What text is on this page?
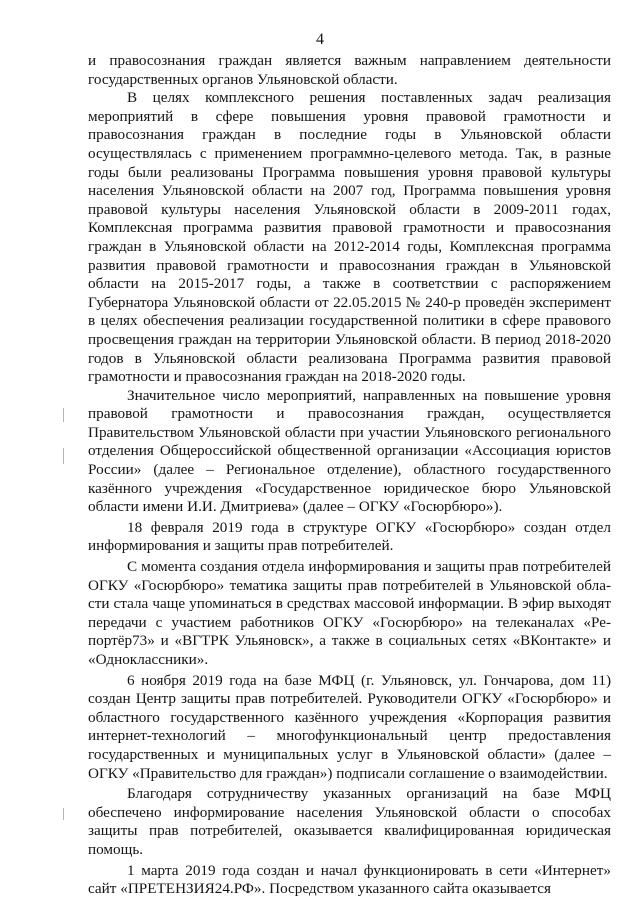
4

и правосознания граждан является важным направлением деятельности государственных органов Ульяновской области.

В целях комплексного решения поставленных задач реализация мероприятий в сфере повышения уровня правовой грамотности и правосознания граждан в последние годы в Ульяновской области осуществлялась с применением программно-целевого метода. Так, в разные годы были реализованы Программа повышения уровня правовой культуры населения Ульяновской области на 2007 год, Программа повышения уровня правовой культуры населения Ульяновской области в 2009-2011 годах, Комплексная программа развития правовой грамотности и правосознания граждан в Ульяновской области на 2012-2014 годы, Комплексная программа развития правовой грамотности и правосознания граждан в Ульяновской области на 2015-2017 годы, а также в соответствии с распоряжением Губернатора Ульяновской области от 22.05.2015 № 240-р проведён эксперимент в целях обеспечения реализации государственной политики в сфере правового просвещения граждан на территории Ульяновской области. В период 2018-2020 годов в Ульяновской области реализована Программа развития правовой грамотности и правосознания граждан на 2018-2020 годы.

Значительное число мероприятий, направленных на повышение уровня правовой грамотности и правосознания граждан, осуществляется Правительством Ульяновской области при участии Ульяновского регионального отделения Общероссийской общественной организации «Ассоциация юристов России» (далее – Региональное отделение), областного государственного казённого учреждения «Государственное юридическое бюро Ульяновской области имени И.И. Дмитриева» (далее – ОГКУ «Госюрбюро»).

18 февраля 2019 года в структуре ОГКУ «Госюрбюро» создан отдел информирования и защиты прав потребителей.

С момента создания отдела информирования и защиты прав потребителей ОГКУ «Госюрбюро» тематика защиты прав потребителей в Ульяновской области стала чаще упоминаться в средствах массовой информации. В эфир выходят передачи с участием работников ОГКУ «Госюрбюро» на телеканалах «Репортёр73» и «ВГТРК Ульяновск», а также в социальных сетях «ВКонтакте» и «Одноклассники».

6 ноября 2019 года на базе МФЦ (г. Ульяновск, ул. Гончарова, дом 11) создан Центр защиты прав потребителей. Руководители ОГКУ «Госюрбюро» и областного государственного казённого учреждения «Корпорация развития интернет-технологий – многофункциональный центр предоставления государственных и муниципальных услуг в Ульяновской области» (далее – ОГКУ «Правительство для граждан») подписали соглашение о взаимодействии.

Благодаря сотрудничеству указанных организаций на базе МФЦ обеспечено информирование населения Ульяновской области о способах защиты прав потребителей, оказывается квалифицированная юридическая помощь.

1 марта 2019 года создан и начал функционировать в сети «Интернет» сайт «ПРЕТЕНЗИЯ24.РФ». Посредством указанного сайта оказывается
